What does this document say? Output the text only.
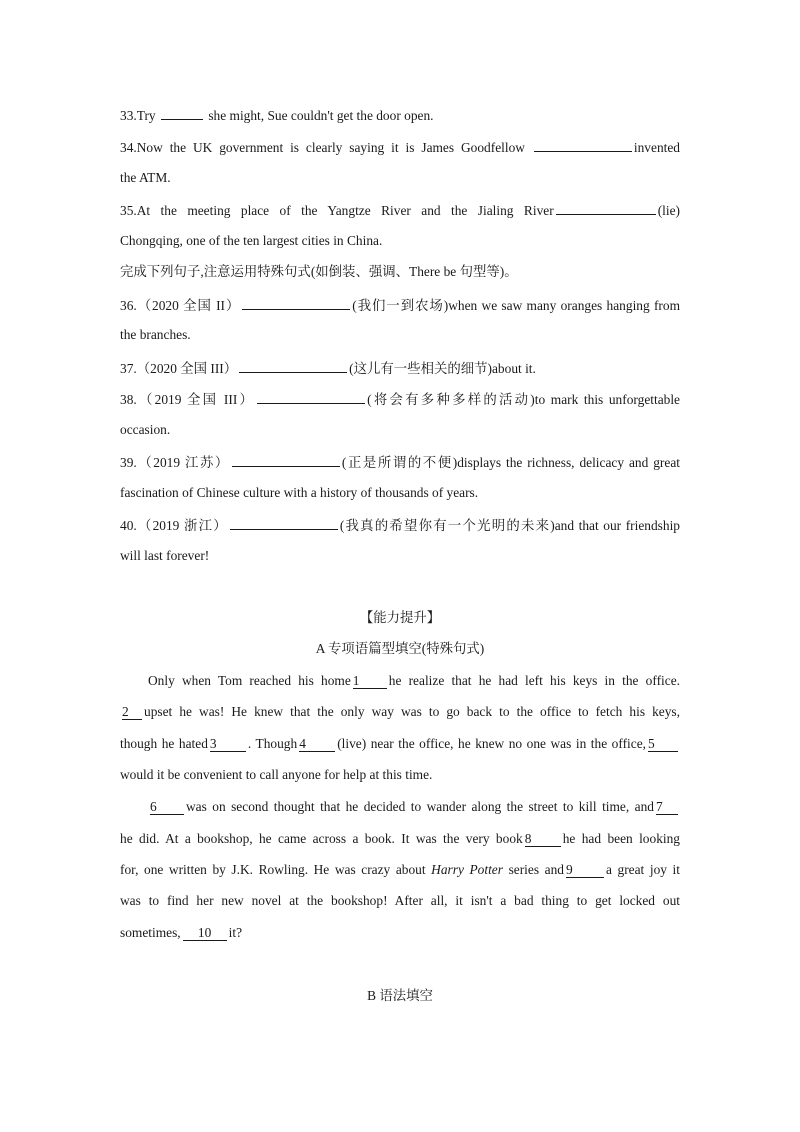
33.Try	she might, Sue couldn't get the door open.
34.Now the UK government is clearly saying it is James Goodfellow	invented
the ATM.
35.At the meeting place of the Yangtze River and the Jialing River	(lie)
Chongqing, one of the ten largest cities in China.
完成下列句子,注意运用特殊句式(如倒装、强调、There be 句型等)。
36.（2020 全国 II）	(我们一到农场)when we saw many oranges hanging from
the branches.
37.（2020 全国 III）	(这儿有一些相关的细节)about it.
38.（2019 全国 III）	(将会有多种多样的活动)to mark this unforgettable
occasion.
39.（2019 江苏）	(正是所谓的不便)displays the richness, delicacy and great
fascination of Chinese culture with a history of thousands of years.
40.（2019 浙江）	(我真的希望你有一个光明的未来)and that our friendship
will last forever!
【能力提升】
A 专项语篇型填空(特殊句式)
Only when Tom reached his home 1 he realize that he had left his keys in the office.
2 upset he was! He knew that the only way was to go back to the office to fetch his keys,
though he hated 3 . Though 4 (live) near the office, he knew no one was in the office, 5
would it be convenient to call anyone for help at this time.
6 was on second thought that he decided to wander along the street to kill time, and 7
he did. At a bookshop, he came across a book. It was the very book 8 he had been looking
for, one written by J.K. Rowling. He was crazy about Harry Potter series and 9 a great joy it
was to find her new novel at the bookshop! After all, it isn't a bad thing to get locked out
sometimes, 10 it?
B 语法填空
